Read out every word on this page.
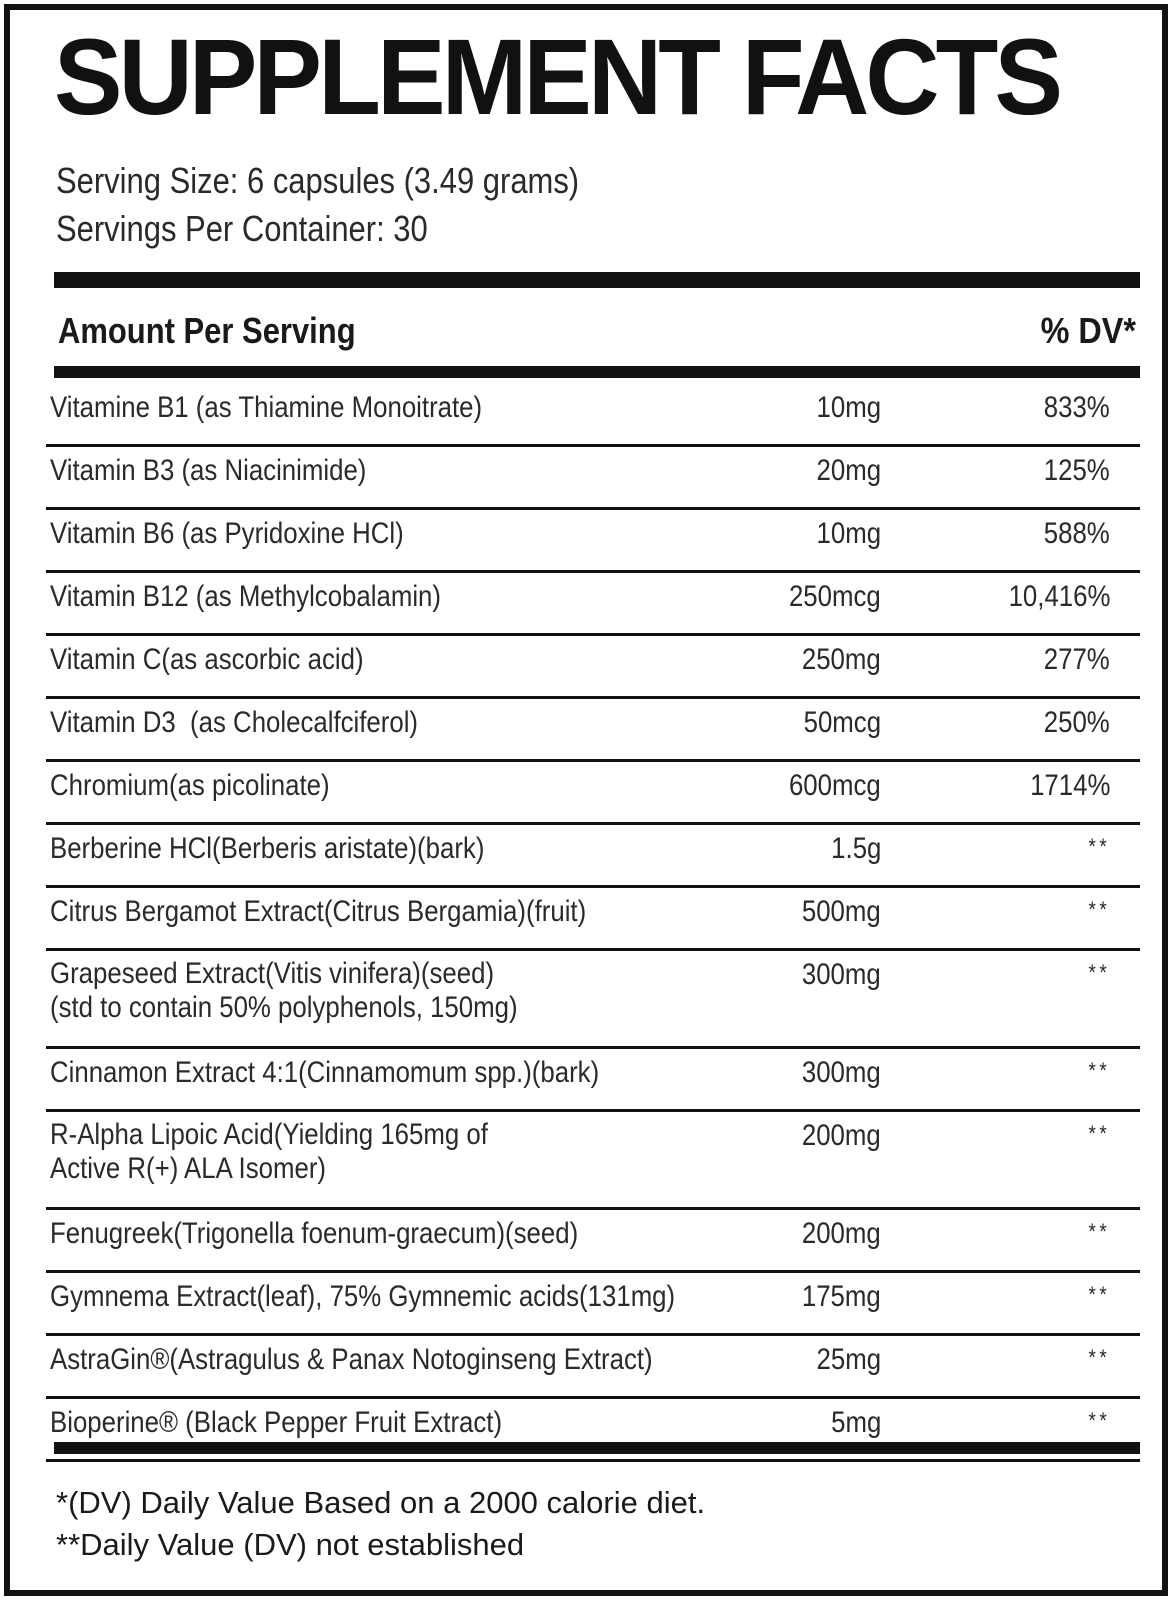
SUPPLEMENT FACTS
Serving Size: 6 capsules (3.49 grams)
Servings Per Container: 30
Amount Per Serving	% DV*
Vitamine B1 (as Thiamine Monoitrate)	10mg	833%
Vitamin B3 (as Niacinimide)	20mg	125%
Vitamin B6 (as Pyridoxine HCl)	10mg	588%
Vitamin B12 (as Methylcobalamin)	250mcg	10,416%
Vitamin C(as ascorbic acid)	250mg	277%
Vitamin D3  (as Cholecalfciferol)	50mcg	250%
Chromium(as picolinate)	600mcg	1714%
Berberine HCl(Berberis aristate)(bark)	1.5g	**
Citrus Bergamot Extract(Citrus Bergamia)(fruit)	500mg	**
Grapeseed Extract(Vitis vinifera)(seed)
(std to contain 50% polyphenols, 150mg)
300mg	**
Cinnamon Extract 4:1(Cinnamomum spp.)(bark)	300mg	**
R-Alpha Lipoic Acid(Yielding 165mg of
Active R(+) ALA Isomer)
200mg	**
Fenugreek(Trigonella foenum-graecum)(seed)	200mg	**
Gymnema Extract(leaf), 75% Gymnemic acids(131mg)	175mg	**
AstraGin®(Astragulus & Panax Notoginseng Extract)	25mg	**
Bioperine® (Black Pepper Fruit Extract)	5mg	**
*(DV) Daily Value Based on a 2000 calorie diet.
**Daily Value (DV) not established
